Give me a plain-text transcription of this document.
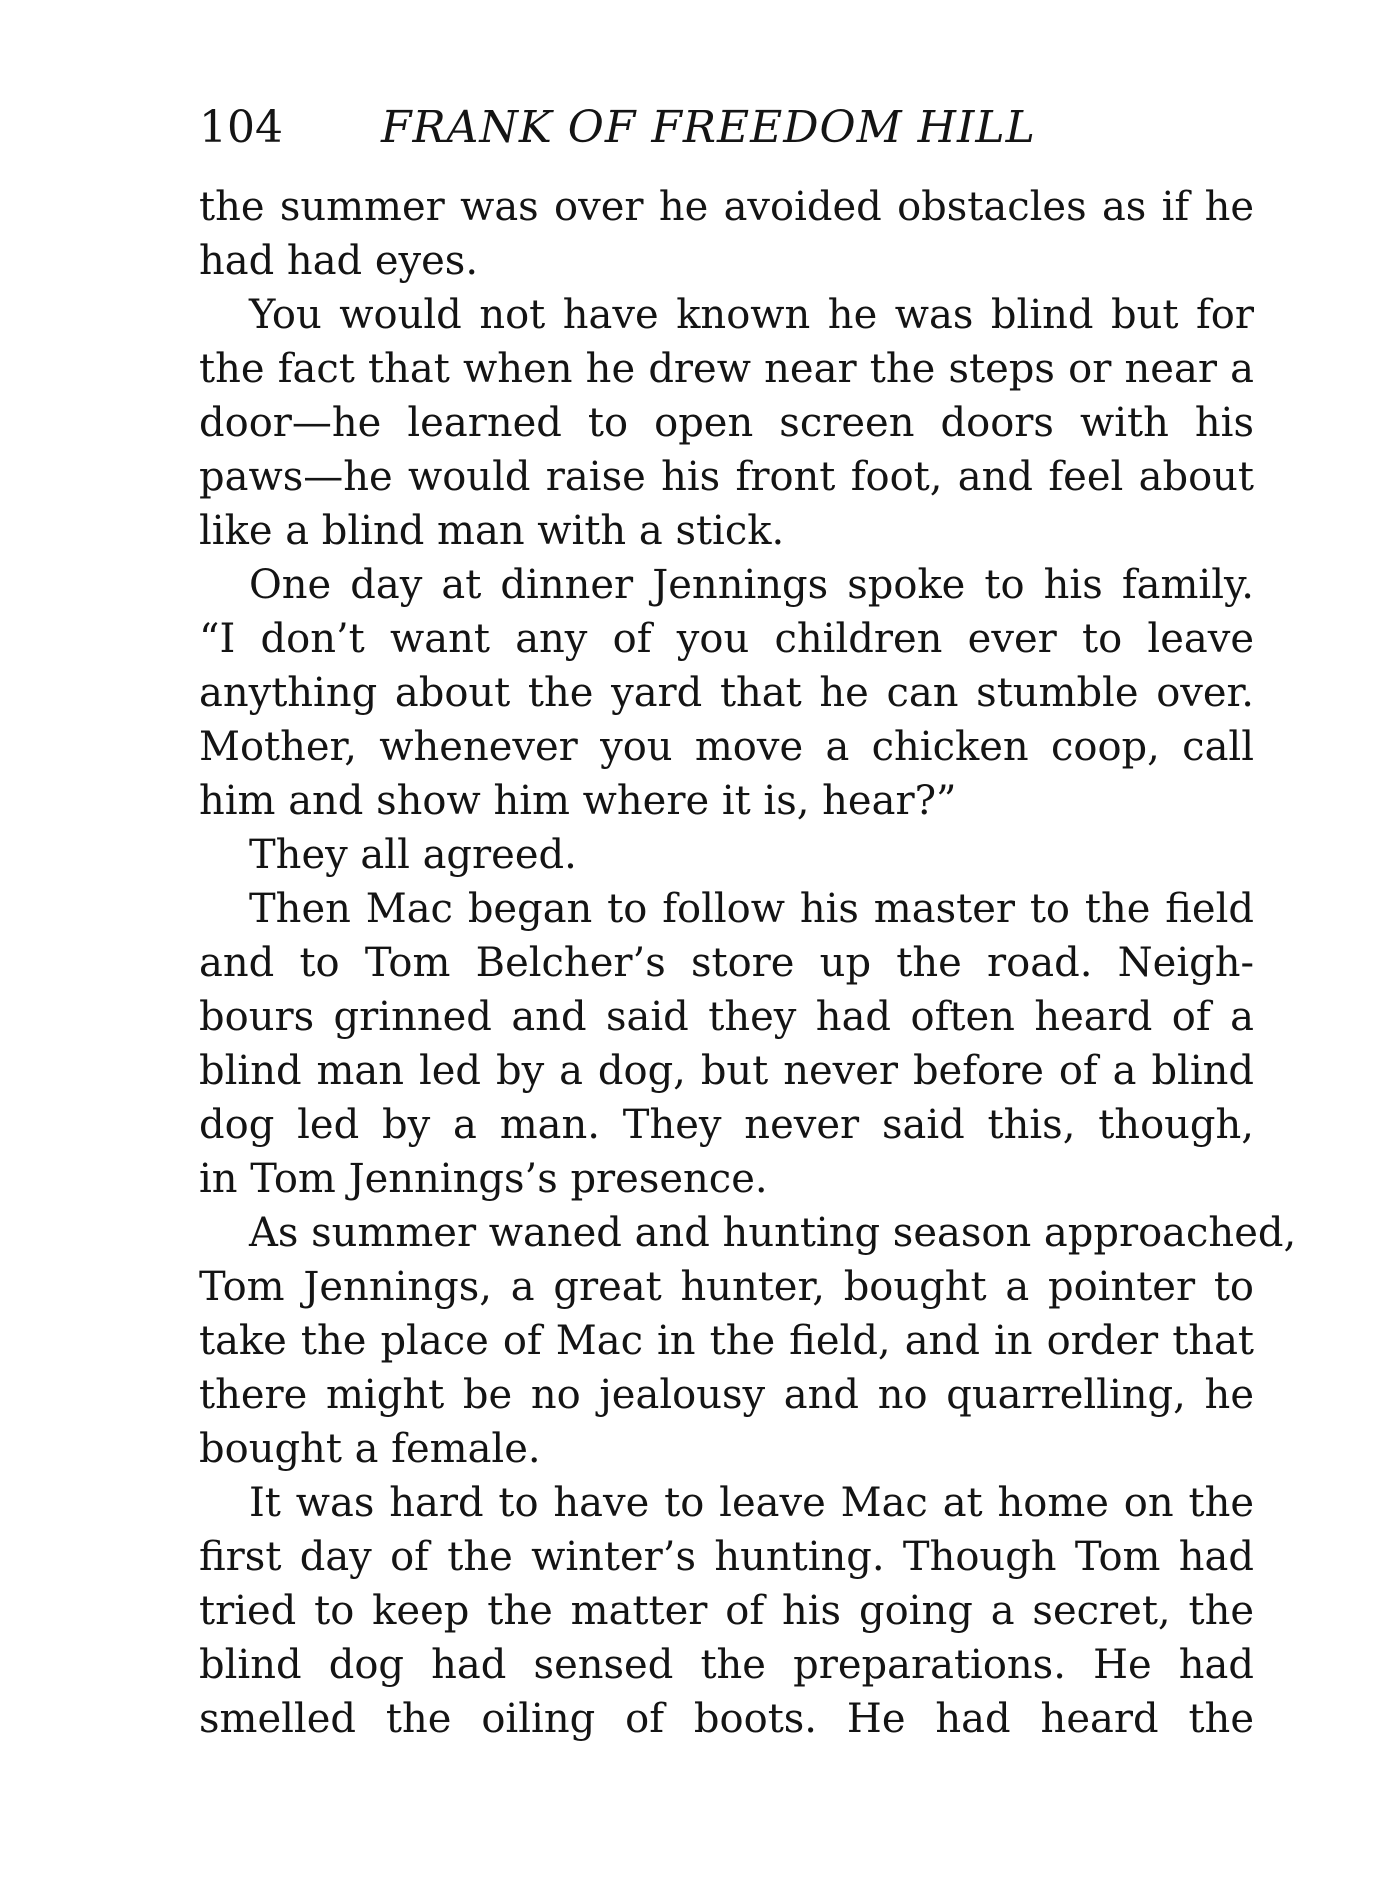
104 FRANK OF FREEDOM HILL
the summer was over he avoided obstacles as if he
had had eyes.
You would not have known he was blind but for
the fact that when he drew near the steps or near a
door—he learned to open screen doors with his
paws—he would raise his front foot, and feel about
like a blind man with a stick.
One day at dinner Jennings spoke to his family.
“I don’t want any of you children ever to leave
anything about the yard that he can stumble over.
Mother, whenever you move a chicken coop, call
him and show him where it is, hear?”
They all agreed.
Then Mac began to follow his master to the field
and to Tom Belcher’s store up the road. Neigh-
bours grinned and said they had often heard of a
blind man led by a dog, but never before of a blind
dog led by a man. They never said this, though,
in Tom Jennings’s presence.
As summer waned and hunting season approached,
Tom Jennings, a great hunter, bought a pointer to
take the place of Mac in the field, and in order that
there might be no jealousy and no quarrelling, he
bought a female.
It was hard to have to leave Mac at home on the
first day of the winter’s hunting. Though Tom had
tried to keep the matter of his going a secret, the
blind dog had sensed the preparations. He had
smelled the oiling of boots. He had heard the
